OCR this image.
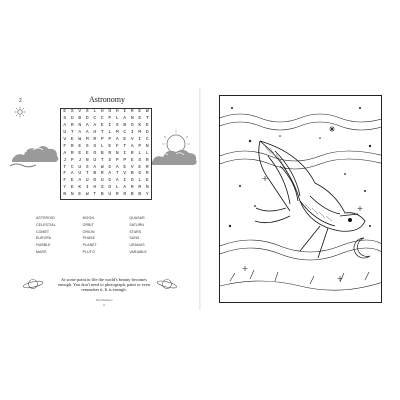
2	Astronomy
E	S	V	S	L	H	O	H	I	R	E	W
S	U	B	D	C	C	P	L	A	N	E	T
A	R	N	A	A	E	I	S	B	O	K	E
U	T	A	A	H	T	L	M	C	I	M	D
V	E	W	M	R	P	P	A	E	V	I	C
F	R	E	S	S	L	E	F	T	A	P	N
A	R	E	E	O	B	R	N	I	R	L	L
J	P	J	N	U	T	S	P	P	E	S	R
T	C	U	S	A	W	G	A	E	V	E	R
F	A	U	T	B	R	A	T	V	B	G	R
F	E	A	U	O	U	G	A	I	O	L	E
Y	E	K	I	H	S	O	L	A	R	R	N
N	N	E	W	T	B	U	R	R	B	B	Y
ASTEROID	MOON	QUASAR
CELESTIAL	ORBIT	SATURN
COMET	ORION	STARS
EUROPA	PHASE	SUNS
HUBBLE	PLANET	URANUS
MARS	PLUTO	VARIABLE
At some point in life the world's beauty becomes enough. You don't need to photograph, paint or even remember it. It is enough.
Toni Morrison
11
